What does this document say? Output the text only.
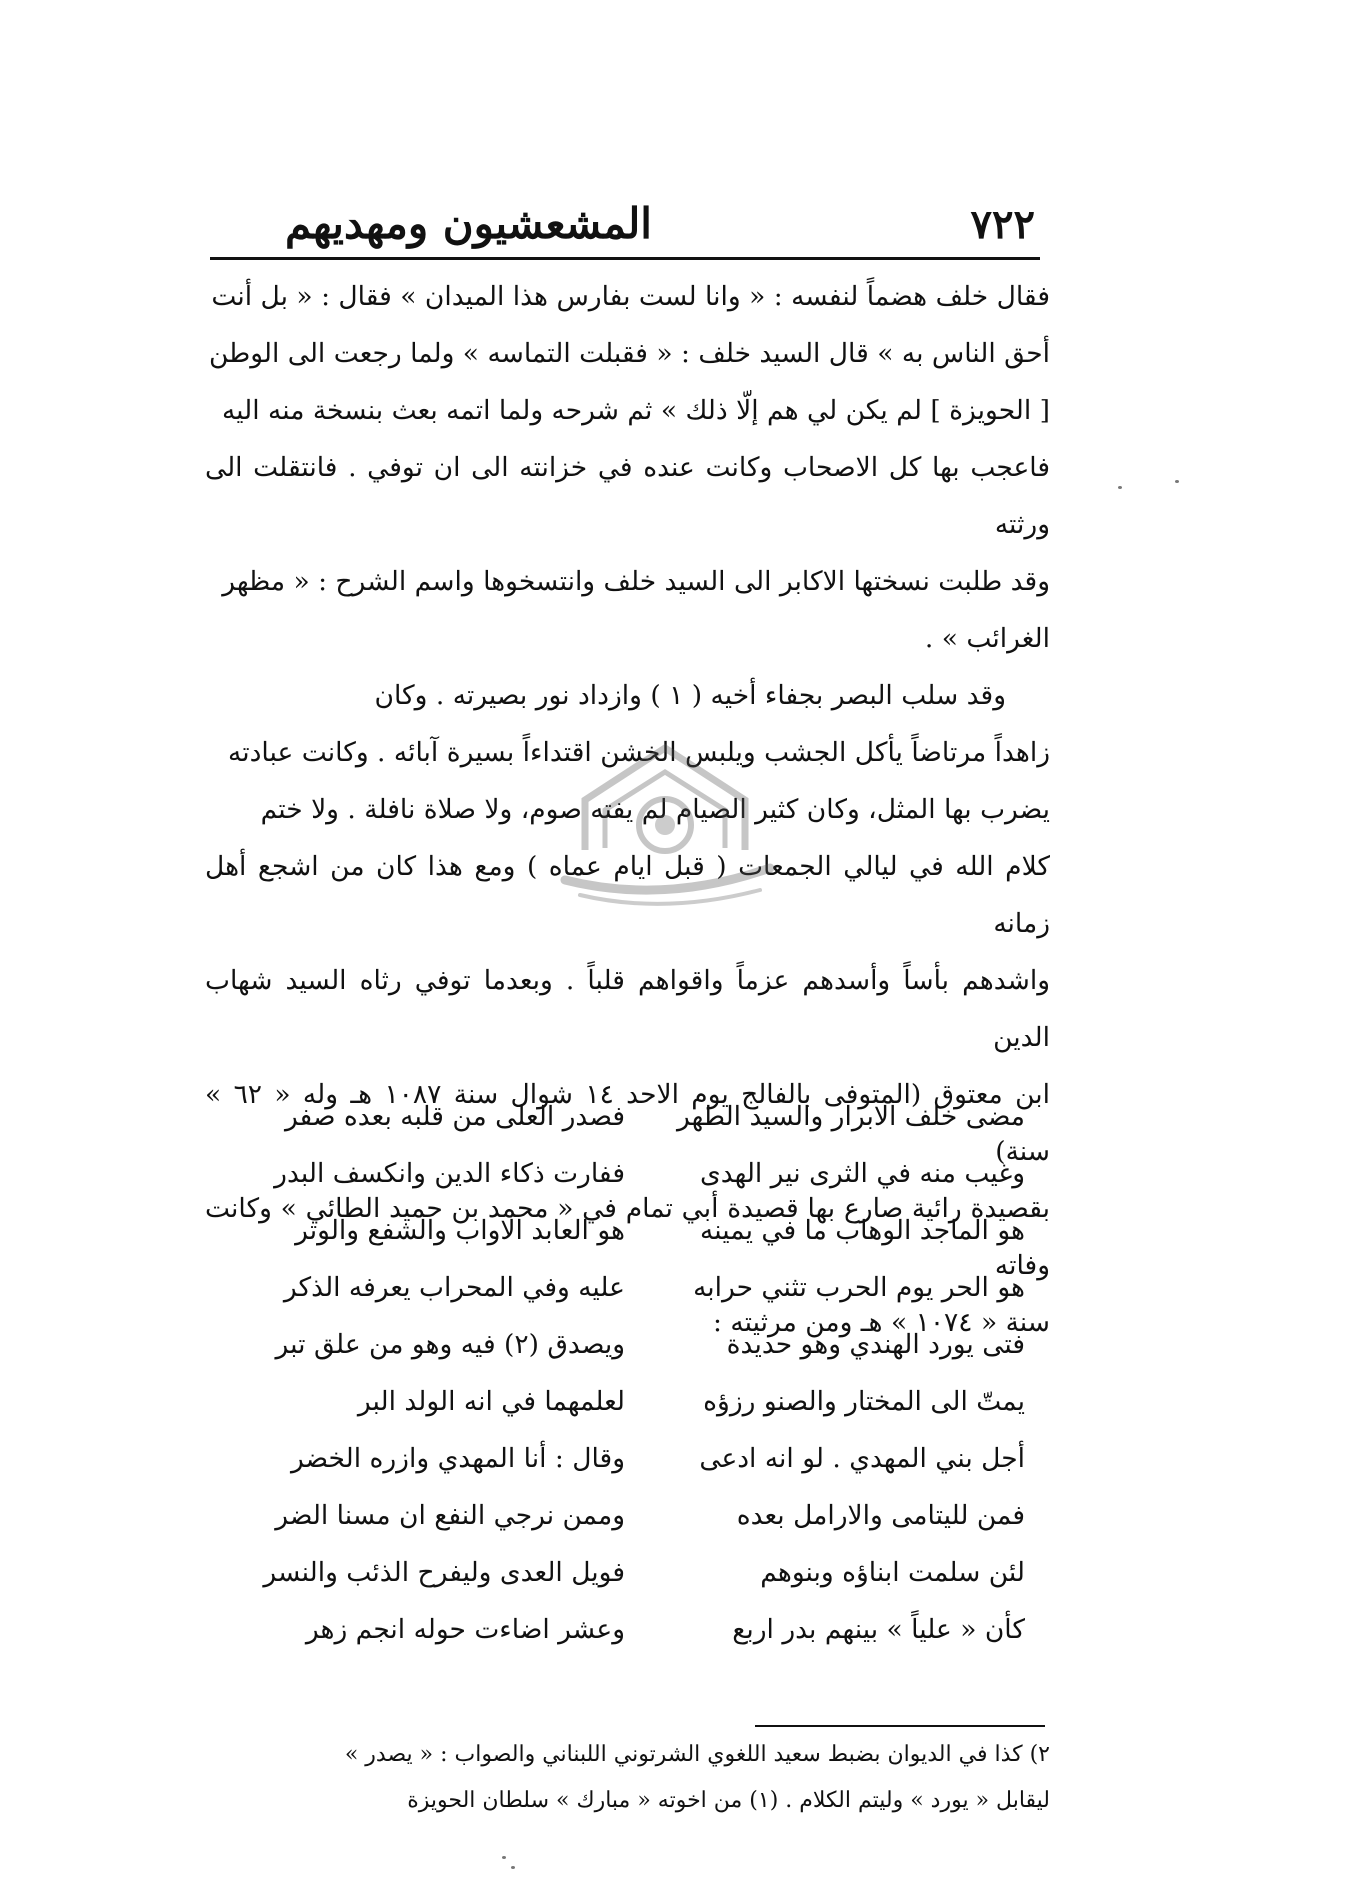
٧٢٢
المشعشيون ومهديهم

فقال خلف هضماً لنفسه : « وانا لست بفارس هذا الميدان » فقال : « بل أنت

أحق الناس به » قال السيد خلف : « فقبلت التماسه » ولما رجعت الى الوطن

[ الحويزة ] لم يكن لي هم إلّا ذلك » ثم شرحه ولما اتمه بعث بنسخة منه اليه

فاعجب بها كل الاصحاب وكانت عنده في خزانته الى ان توفي . فانتقلت الى ورثته

وقد طلبت نسختها الاكابر الى السيد خلف وانتسخوها واسم الشرح : « مظهر

الغرائب » .

وقد سلب البصر بجفاء أخيه ( ١ ) وازداد نور بصيرته . وكان

زاهداً مرتاضاً يأكل الجشب ويلبس الخشن اقتداءاً بسيرة آبائه . وكانت عبادته

يضرب بها المثل، وكان كثير الصيام لم يفته صوم، ولا صلاة نافلة . ولا ختم

كلام الله في ليالي الجمعات ( قبل ايام عماه ) ومع هذا كان من اشجع أهل زمانه

واشدهم بأساً وأسدهم عزماً واقواهم قلباً . وبعدما توفي رثاه السيد شهاب الدين

ابن معتوق (المتوفى بالفالج يوم الاحد ١٤ شوال سنة ١٠٨٧ هـ وله « ٦٢ » سنة)

بقصيدة رائية صارع بها قصيدة أبي تمام في « محمد بن حميد الطائي » وكانت وفاته

سنة « ١٠٧٤ » هـ ومن مرثيته :

مضى خلف الابرار والسيد الطهر
فصدر العلى من قلبه بعده صفر
وغيب منه في الثرى نير الهدى
ففارت ذكاء الدين وانكسف البدر
هو الماجد الوهاب ما في يمينه
هو العابد الاواب والشفع والوتر
هو الحر يوم الحرب تثني حرابه
عليه وفي المحراب يعرفه الذكر
فتى يورد الهندي وهو حديدة
ويصدق (٢) فيه وهو من علق تبر
يمتّ الى المختار والصنو رزؤه
لعلمهما في انه الولد البر
أجل بني المهدي . لو انه ادعى
وقال : أنا المهدي وازره الخضر
فمن لليتامى والارامل بعده
وممن نرجي النفع ان مسنا الضر
لئن سلمت ابناؤه وبنوهم
فويل العدى وليفرح الذئب والنسر
كأن « علياً » بينهم بدر اربع
وعشر اضاءت حوله انجم زهر

٢) كذا في الديوان بضبط سعيد اللغوي الشرتوني اللبناني والصواب : « يصدر »

ليقابل « يورد » وليتم الكلام . (١) من اخوته « مبارك » سلطان الحويزة
